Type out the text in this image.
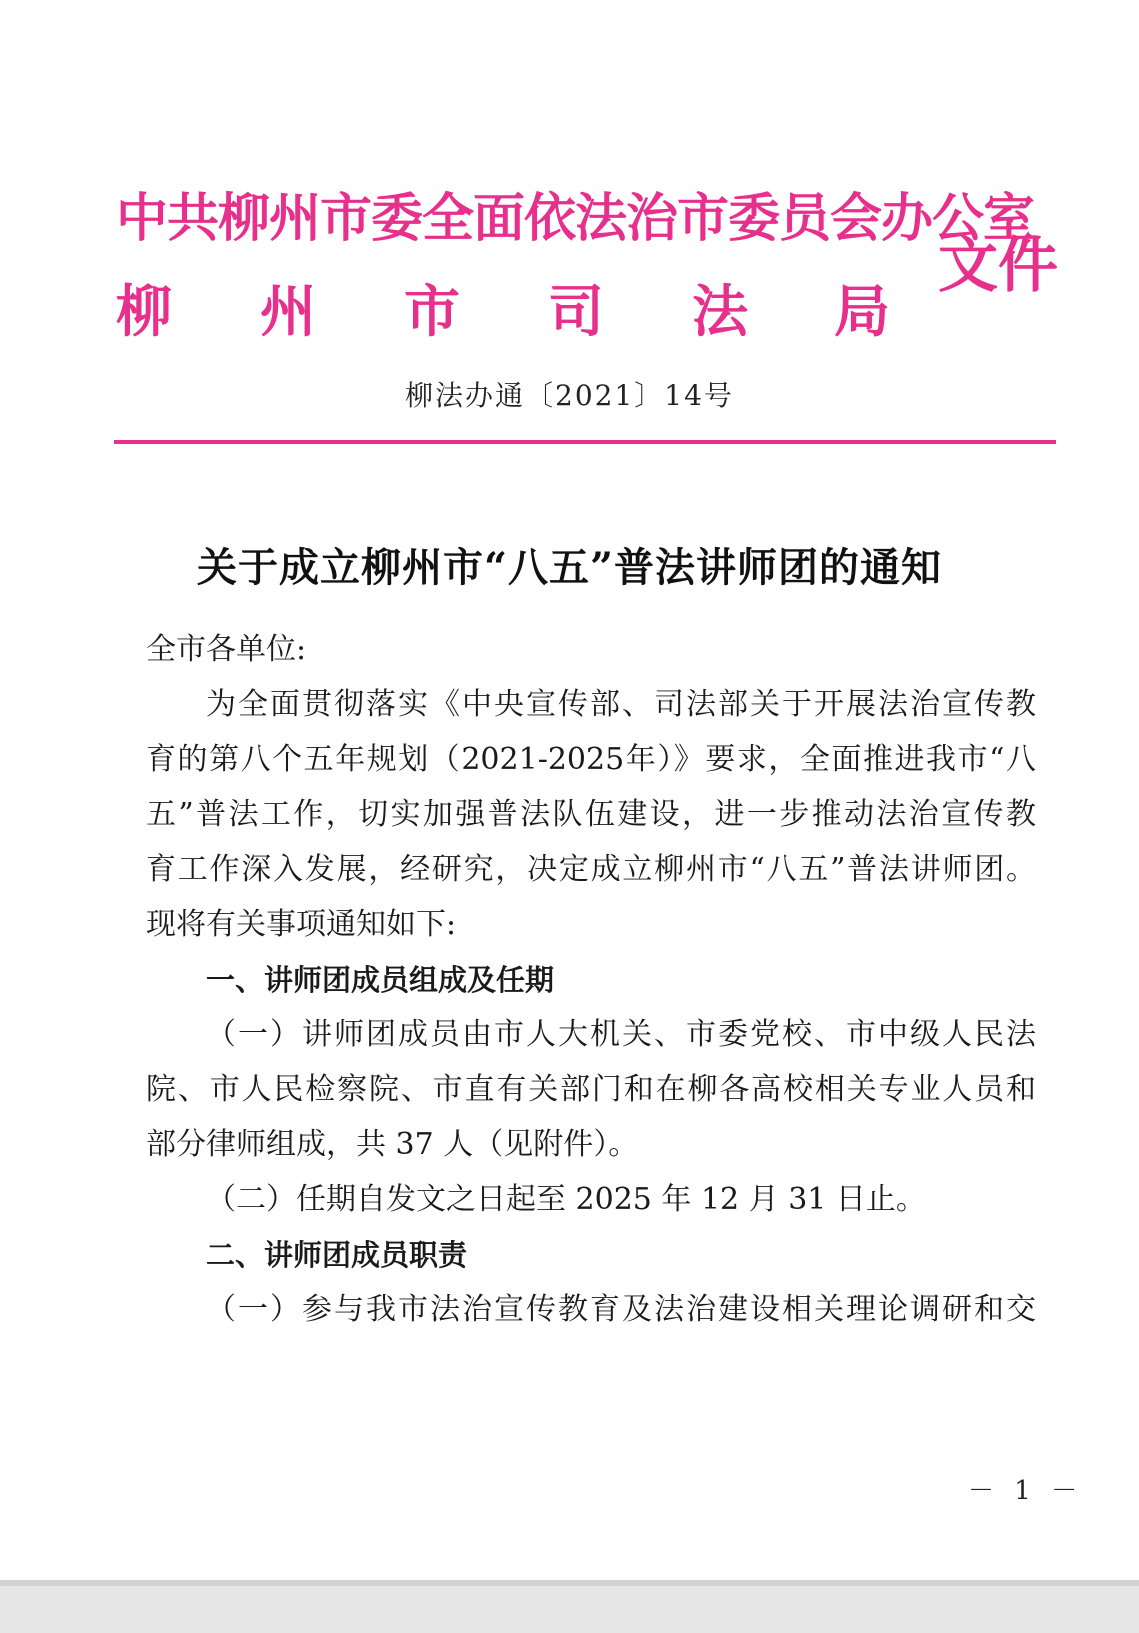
中共柳州市委全面依法治市委员会办公室
柳 州 市 司 法 局
文件
柳法办通〔2021〕14号
关于成立柳州市“八五”普法讲师团的通知
全市各单位:
为全面贯彻落实《中央宣传部、司法部关于开展法治宣传教
育的第八个五年规划（2021-2025年）》要求，全面推进我市“八
五”普法工作，切实加强普法队伍建设，进一步推动法治宣传教
育工作深入发展，经研究，决定成立柳州市“八五”普法讲师团。
现将有关事项通知如下:
一、讲师团成员组成及任期
（一）讲师团成员由市人大机关、市委党校、市中级人民法
院、市人民检察院、市直有关部门和在柳各高校相关专业人员和
部分律师组成，共 37 人（见附件）。
（二）任期自发文之日起至 2025 年 12 月 31 日止。
二、讲师团成员职责
（一）参与我市法治宣传教育及法治建设相关理论调研和交
－ 1 －
